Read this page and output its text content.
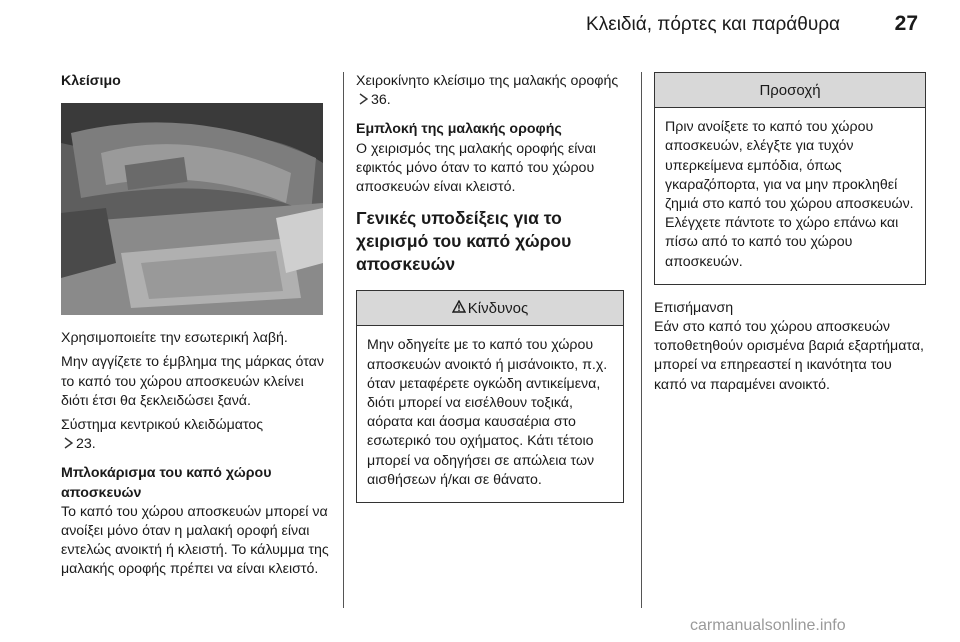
Κλειδιά, πόρτες και παράθυρα	27

Κλείσιμο

Χρησιμοποιείτε την εσωτερική λαβή.

Μην αγγίζετε το έμβλημα της μάρκας όταν το καπό του χώρου αποσκευών κλείνει διότι έτσι θα ξεκλειδώσει ξανά.

Σύστημα κεντρικού κλειδώματος
23.

Μπλοκάρισμα του καπό χώρου αποσκευών

Το καπό του χώρου αποσκευών μπορεί να ανοίξει μόνο όταν η μαλακή οροφή είναι εντελώς ανοικτή ή κλειστή. Το κάλυμμα της μαλακής οροφής πρέπει να είναι κλειστό.

Χειροκίνητο κλείσιμο της μαλακής οροφής 36.

Εμπλοκή της μαλακής οροφής

Ο χειρισμός της μαλακής οροφής είναι εφικτός μόνο όταν το καπό του χώρου αποσκευών είναι κλειστό.

Γενικές υποδείξεις για το χειρισμό του καπό χώρου αποσκευών

Κίνδυνος
Μην οδηγείτε με το καπό του χώρου αποσκευών ανοικτό ή μισάνοικτο, π.χ. όταν μεταφέρετε ογκώδη αντικείμενα, διότι μπορεί να εισέλθουν τοξικά, αόρατα και άοσμα καυσαέρια στο εσωτερικό του οχήματος. Κάτι τέτοιο μπορεί να οδηγήσει σε απώλεια των αισθήσεων ή/και σε θάνατο.
Προσοχή
Πριν ανοίξετε το καπό του χώρου αποσκευών, ελέγξτε για τυχόν υπερκείμενα εμπόδια, όπως γκαραζόπορτα, για να μην προκληθεί ζημιά στο καπό του χώρου αποσκευών. Ελέγχετε πάντοτε το χώρο επάνω και πίσω από το καπό του χώρου αποσκευών.

Επισήμανση

Εάν στο καπό του χώρου αποσκευών τοποθετηθούν ορισμένα βαριά εξαρτήματα, μπορεί να επηρεαστεί η ικανότητα του καπό να παραμένει ανοικτό.

carmanualsonline.info
